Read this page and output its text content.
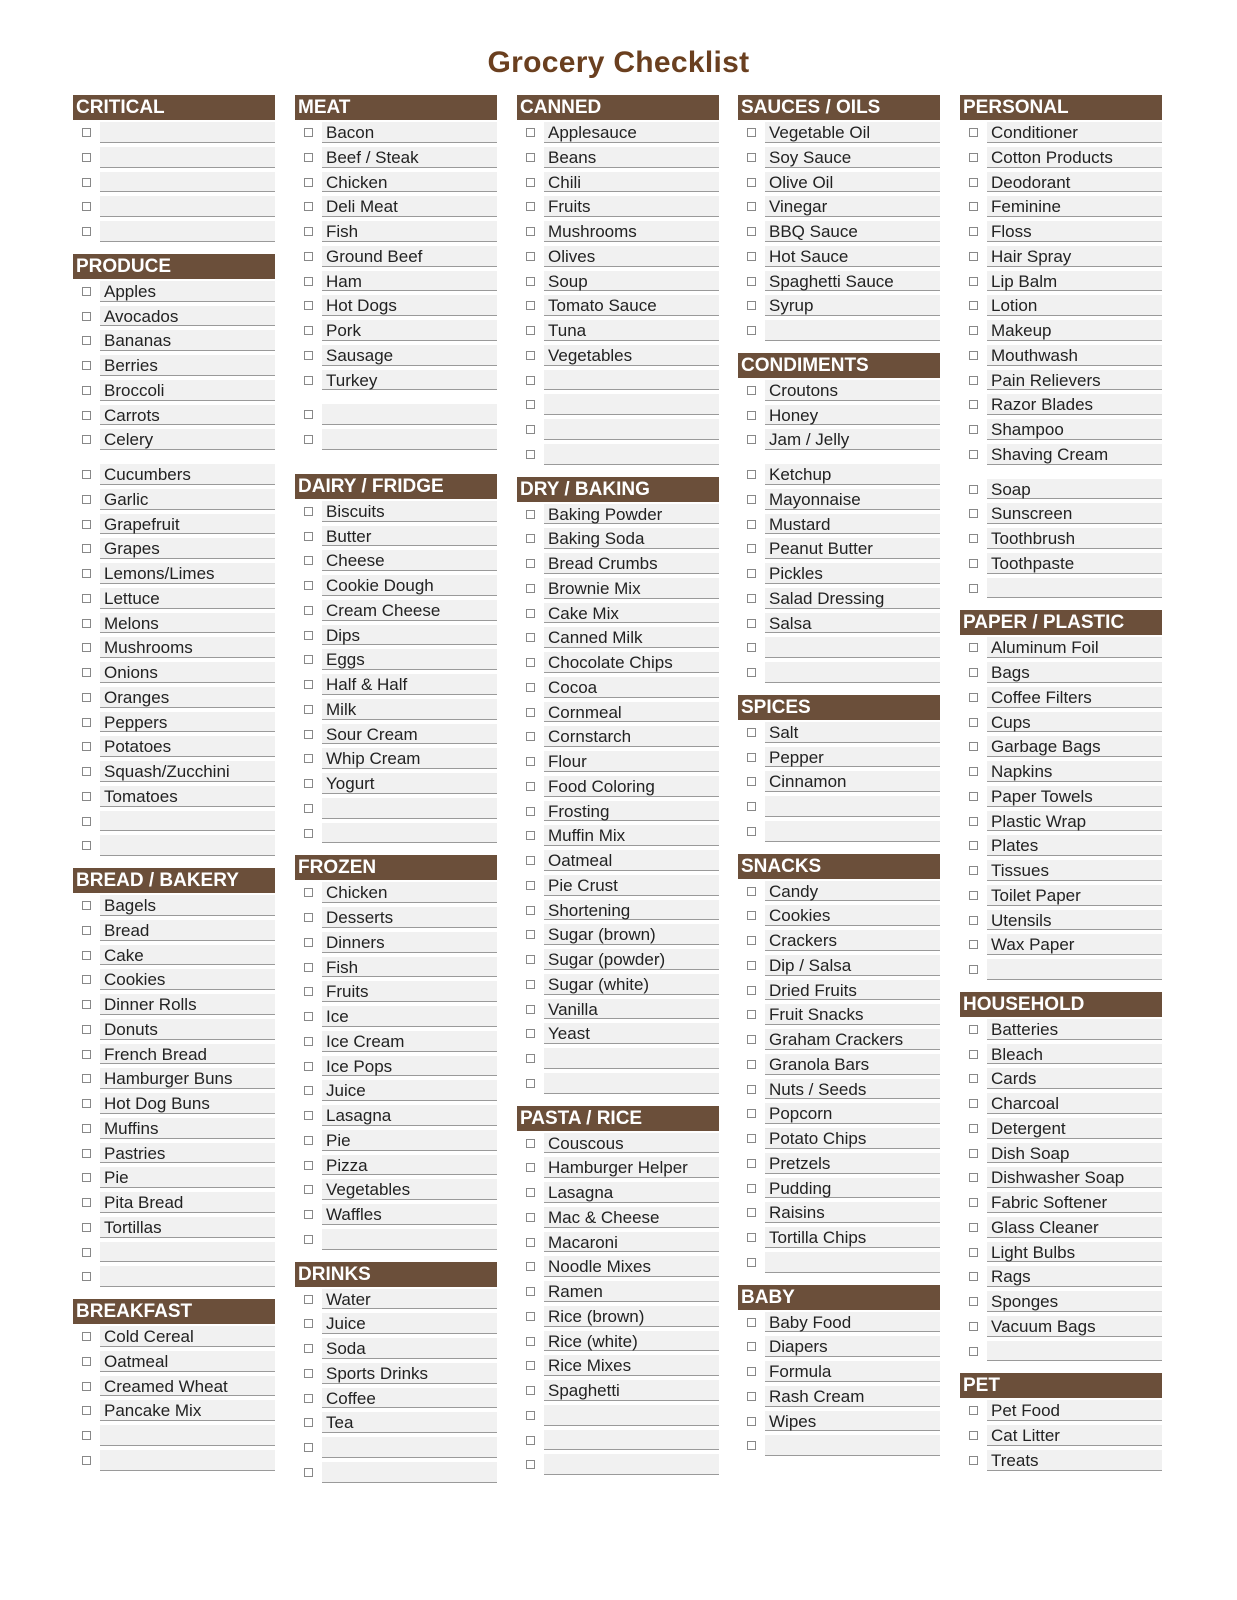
Grocery Checklist
CRITICAL
PRODUCE
Apples
Avocados
Bananas
Berries
Broccoli
Carrots
Celery
Cucumbers
Garlic
Grapefruit
Grapes
Lemons/Limes
Lettuce
Melons
Mushrooms
Onions
Oranges
Peppers
Potatoes
Squash/Zucchini
Tomatoes
BREAD / BAKERY
Bagels
Bread
Cake
Cookies
Dinner Rolls
Donuts
French Bread
Hamburger Buns
Hot Dog Buns
Muffins
Pastries
Pie
Pita Bread
Tortillas
BREAKFAST
Cold Cereal
Oatmeal
Creamed Wheat
Pancake Mix
MEAT
Bacon
Beef / Steak
Chicken
Deli Meat
Fish
Ground Beef
Ham
Hot Dogs
Pork
Sausage
Turkey
DAIRY / FRIDGE
Biscuits
Butter
Cheese
Cookie Dough
Cream Cheese
Dips
Eggs
Half & Half
Milk
Sour Cream
Whip Cream
Yogurt
FROZEN
Chicken
Desserts
Dinners
Fish
Fruits
Ice
Ice Cream
Ice Pops
Juice
Lasagna
Pie
Pizza
Vegetables
Waffles
DRINKS
Water
Juice
Soda
Sports Drinks
Coffee
Tea
CANNED
Applesauce
Beans
Chili
Fruits
Mushrooms
Olives
Soup
Tomato Sauce
Tuna
Vegetables
DRY / BAKING
Baking Powder
Baking Soda
Bread Crumbs
Brownie Mix
Cake Mix
Canned Milk
Chocolate Chips
Cocoa
Cornmeal
Cornstarch
Flour
Food Coloring
Frosting
Muffin Mix
Oatmeal
Pie Crust
Shortening
Sugar (brown)
Sugar (powder)
Sugar (white)
Vanilla
Yeast
PASTA / RICE
Couscous
Hamburger Helper
Lasagna
Mac & Cheese
Macaroni
Noodle Mixes
Ramen
Rice (brown)
Rice (white)
Rice Mixes
Spaghetti
SAUCES / OILS
Vegetable Oil
Soy Sauce
Olive Oil
Vinegar
BBQ Sauce
Hot Sauce
Spaghetti Sauce
Syrup
CONDIMENTS
Croutons
Honey
Jam / Jelly
Ketchup
Mayonnaise
Mustard
Peanut Butter
Pickles
Salad Dressing
Salsa
SPICES
Salt
Pepper
Cinnamon
SNACKS
Candy
Cookies
Crackers
Dip / Salsa
Dried Fruits
Fruit Snacks
Graham Crackers
Granola Bars
Nuts / Seeds
Popcorn
Potato Chips
Pretzels
Pudding
Raisins
Tortilla Chips
BABY
Baby Food
Diapers
Formula
Rash Cream
Wipes
PERSONAL
Conditioner
Cotton Products
Deodorant
Feminine
Floss
Hair Spray
Lip Balm
Lotion
Makeup
Mouthwash
Pain Relievers
Razor Blades
Shampoo
Shaving Cream
Soap
Sunscreen
Toothbrush
Toothpaste
PAPER / PLASTIC
Aluminum Foil
Bags
Coffee Filters
Cups
Garbage Bags
Napkins
Paper Towels
Plastic Wrap
Plates
Tissues
Toilet Paper
Utensils
Wax Paper
HOUSEHOLD
Batteries
Bleach
Cards
Charcoal
Detergent
Dish Soap
Dishwasher Soap
Fabric Softener
Glass Cleaner
Light Bulbs
Rags
Sponges
Vacuum Bags
PET
Pet Food
Cat Litter
Treats
